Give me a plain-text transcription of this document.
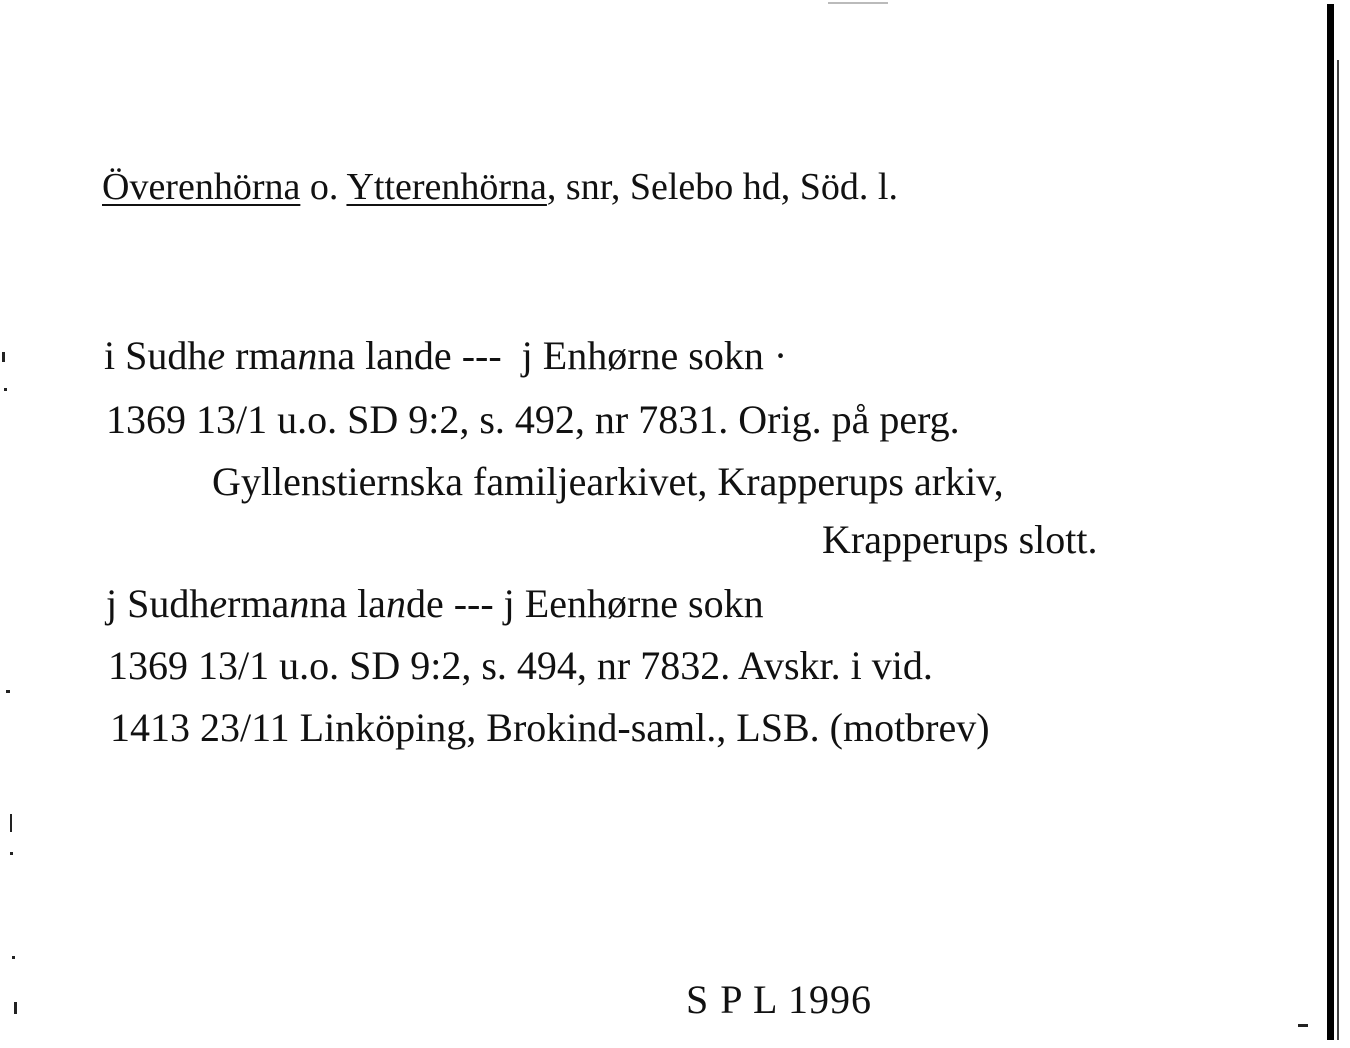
Överenhörna o. Ytterenhörna, snr, Selebo hd, Söd. l.
i Sudhe rmanna lande ---  j Enhørne sokn ·
1369 13/1 u.o. SD 9:2, s. 492, nr 7831. Orig. på perg.
Gyllenstiernska familjearkivet, Krapperups arkiv,
Krapperups slott.
j Sudhermanna lande --- j Eenhørne sokn
1369 13/1 u.o. SD 9:2, s. 494, nr 7832. Avskr. i vid.
1413 23/11 Linköping, Brokind-saml., LSB. (motbrev)
S P L 1996
